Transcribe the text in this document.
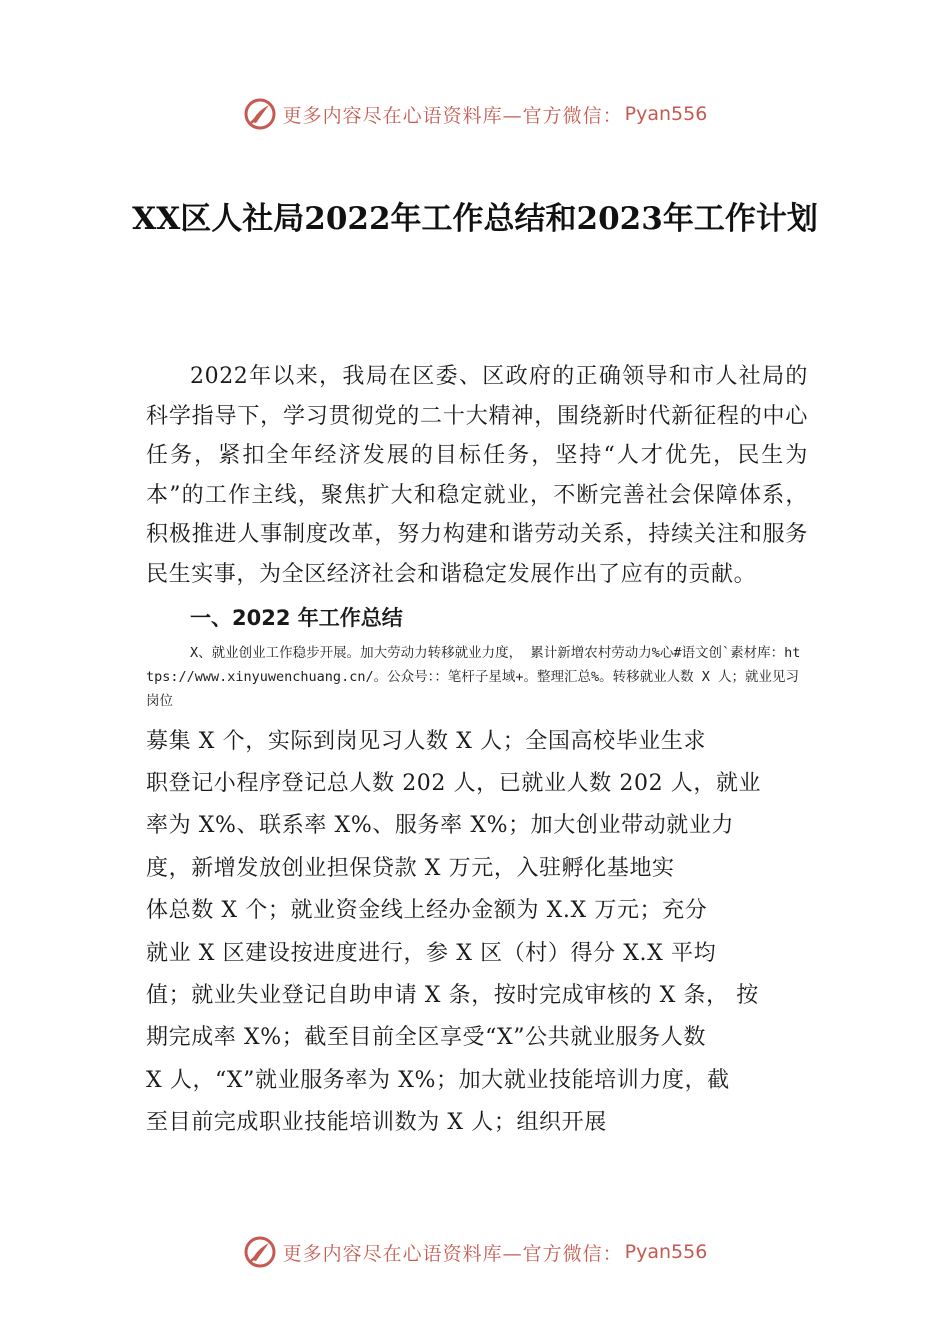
更多内容尽在心语资料库—官方微信： Pyan556
XX区人社局2022年工作总结和2023年工作计划

2022年以来，我局在区委、区政府的正确领导和市人社局的科学指导下，学习贯彻党的二十大精神，围绕新时代新征程的中心任务，紧扣全年经济发展的目标任务，坚持“人才优先，民生为本”的工作主线，聚焦扩大和稳定就业，不断完善社会保障体系，积极推进人事制度改革，努力构建和谐劳动关系，持续关注和服务民生实事，为全区经济社会和谐稳定发展作出了应有的贡献。

一、2022 年工作总结

X、就业创业工作稳步开展。加大劳动力转移就业力度， 累计新增农村劳动力%心#语文创`素材库：https://www.xinyuwenchuang.cn/。公众号：：笔杆子星域+。整理汇总%。转移就业人数 X 人；就业见习岗位

募集 X 个，实际到岗见习人数 X 人；全国高校毕业生求
职登记小程序登记总人数 202 人，已就业人数 202 人，就业
率为 X%、联系率 X%、服务率 X%；加大创业带动就业力
度，新增发放创业担保贷款 X 万元，入驻孵化基地实
体总数 X 个；就业资金线上经办金额为 X.X 万元；充分
就业 X 区建设按进度进行，参 X 区（村）得分 X.X 平均
值；就业失业登记自助申请 X 条，按时完成审核的 X 条， 按
期完成率 X%；截至目前全区享受“X”公共就业服务人数
X 人，“X”就业服务率为 X%；加大就业技能培训力度，截
至目前完成职业技能培训数为 X 人；组织开展
更多内容尽在心语资料库—官方微信： Pyan556
